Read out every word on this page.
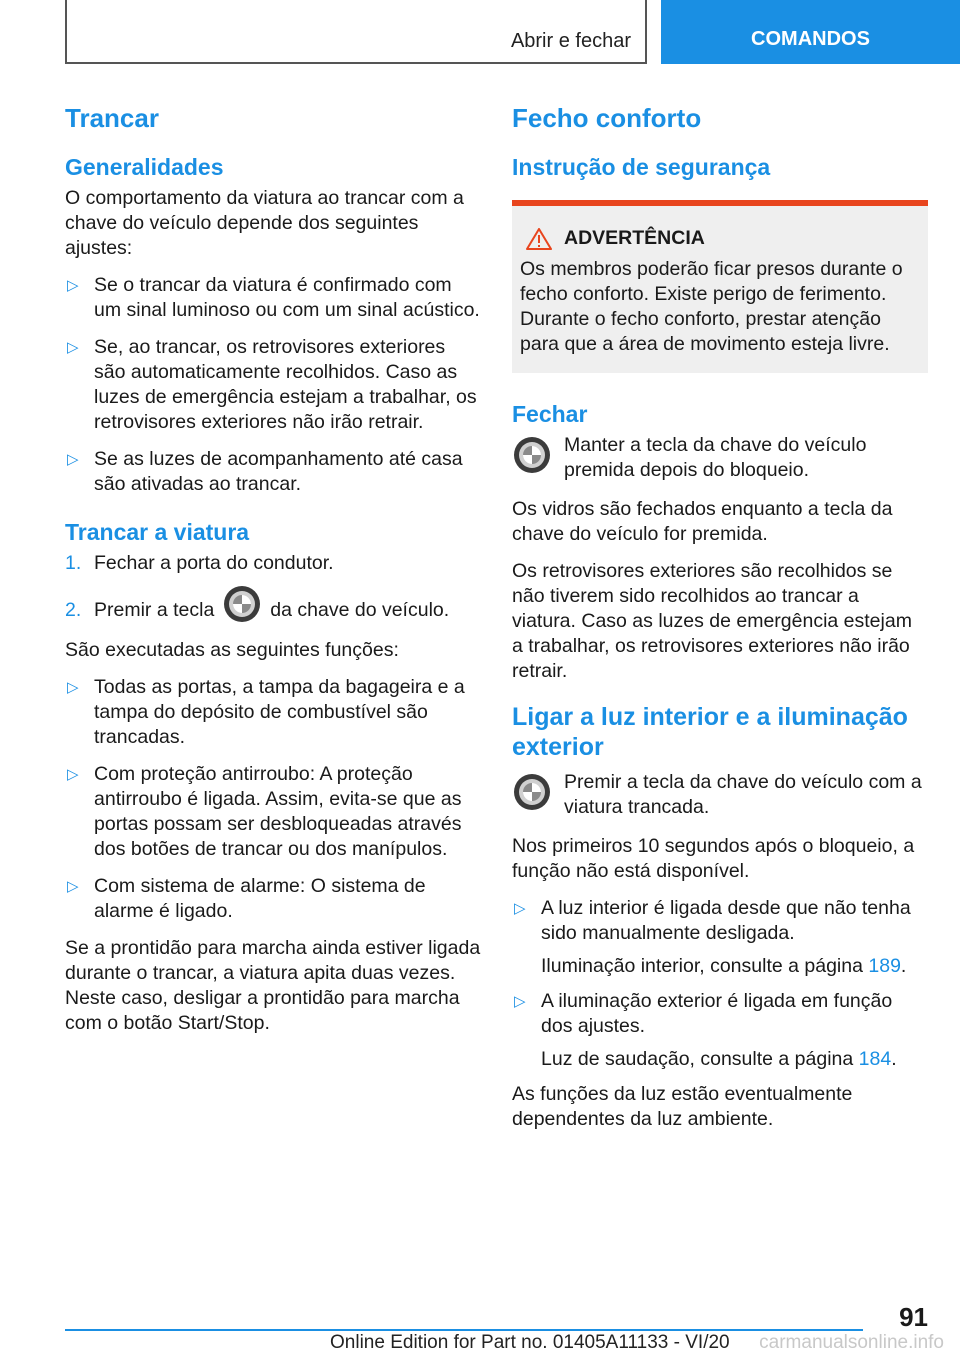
Abrir e fechar	COMANDOS
Trancar
Generalidades

O comportamento da viatura ao trancar com a chave do veículo depende dos seguintes ajustes:

▷ Se o trancar da viatura é confirmado com um sinal luminoso ou com um sinal acústico.
▷ Se, ao trancar, os retrovisores exteriores são automaticamente recolhidos. Caso as luzes de emergência estejam a trabalhar, os retrovisores exteriores não irão retrair.
▷ Se as luzes de acompanhamento até casa são ativadas ao trancar.
Trancar a viatura
1. Fechar a porta do condutor.
2. Premir a tecla	da chave do veículo.

São executadas as seguintes funções:

▷ Todas as portas, a tampa da bagageira e a tampa do depósito de combustível são trancadas.
▷ Com proteção antirroubo: A proteção antirroubo é ligada. Assim, evita-se que as portas possam ser desbloqueadas através dos botões de trancar ou dos manípulos.
▷ Com sistema de alarme: O sistema de alarme é ligado.

Se a prontidão para marcha ainda estiver ligada durante o trancar, a viatura apita duas vezes. Neste caso, desligar a prontidão para marcha com o botão Start/Stop.

Fecho conforto
Instrução de segurança
ADVERTÊNCIA
Os membros poderão ficar presos durante o fecho conforto. Existe perigo de ferimento. Durante o fecho conforto, prestar atenção para que a área de movimento esteja livre.
Fechar
Manter a tecla da chave do veículo premida depois do bloqueio.

Os vidros são fechados enquanto a tecla da chave do veículo for premida.

Os retrovisores exteriores são recolhidos se não tiverem sido recolhidos ao trancar a viatura. Caso as luzes de emergência estejam a trabalhar, os retrovisores exteriores não irão retrair.

Ligar a luz interior e a iluminação exterior
Premir a tecla da chave do veículo com a viatura trancada.

Nos primeiros 10 segundos após o bloqueio, a função não está disponível.

▷ A luz interior é ligada desde que não tenha sido manualmente desligada.

Iluminação interior, consulte a página 189.

▷ A iluminação exterior é ligada em função dos ajustes.

Luz de saudação, consulte a página 184.

As funções da luz estão eventualmente dependentes da luz ambiente.

91
Online Edition for Part no. 01405A11133 - VI/20 carmanualsonline.info
